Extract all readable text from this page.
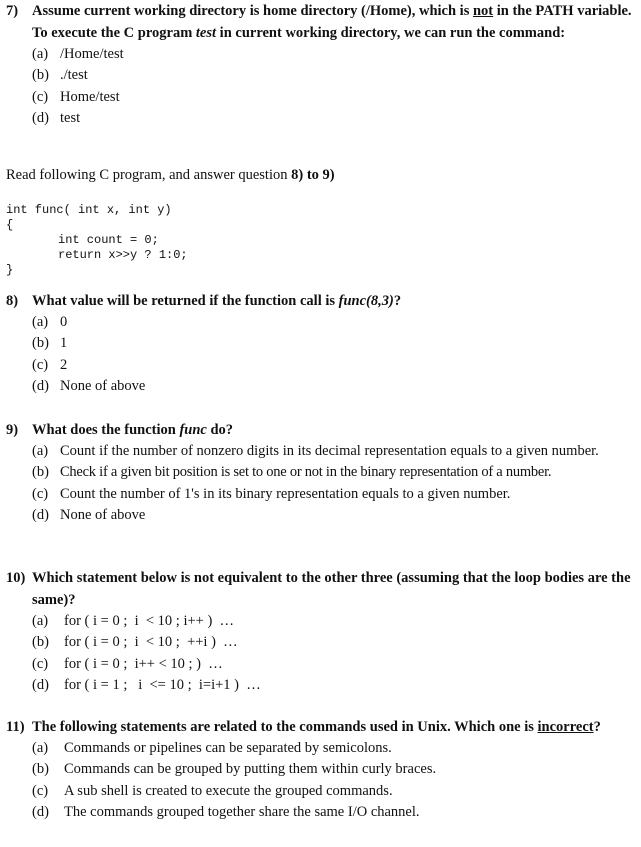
7) Assume current working directory is home directory (/Home), which is not in the PATH variable. To execute the C program test in current working directory, we can run the command:
(a) /Home/test
(b) ./test
(c) Home/test
(d) test
Read following C program, and answer question 8) to 9)
int func( int x, int y)
{
int count = 0;
return x>>y ? 1:0;
}
8) What value will be returned if the function call is func(8,3)?
(a) 0
(b) 1
(c) 2
(d) None of above
9) What does the function func do?
(a) Count if the number of nonzero digits in its decimal representation equals to a given number.
(b) Check if a given bit position is set to one or not in the binary representation of a number.
(c) Count the number of 1's in its binary representation equals to a given number.
(d) None of above
10) Which statement below is not equivalent to the other three (assuming that the loop bodies are the same)?
(a)	for ( i = 0 ;  i  < 10 ; i++ )  …
(b)	for ( i = 0 ;  i  < 10 ;  ++i )  …
(c)	for ( i = 0 ;  i++ < 10 ; )  …
(d)	for ( i = 1 ;   i  <= 10 ;  i=i+1 )  …
11) The following statements are related to the commands used in Unix. Which one is incorrect?
(a)	Commands or pipelines can be separated by semicolons.
(b)	Commands can be grouped by putting them within curly braces.
(c)	A sub shell is created to execute the grouped commands.
(d)	The commands grouped together share the same I/O channel.
